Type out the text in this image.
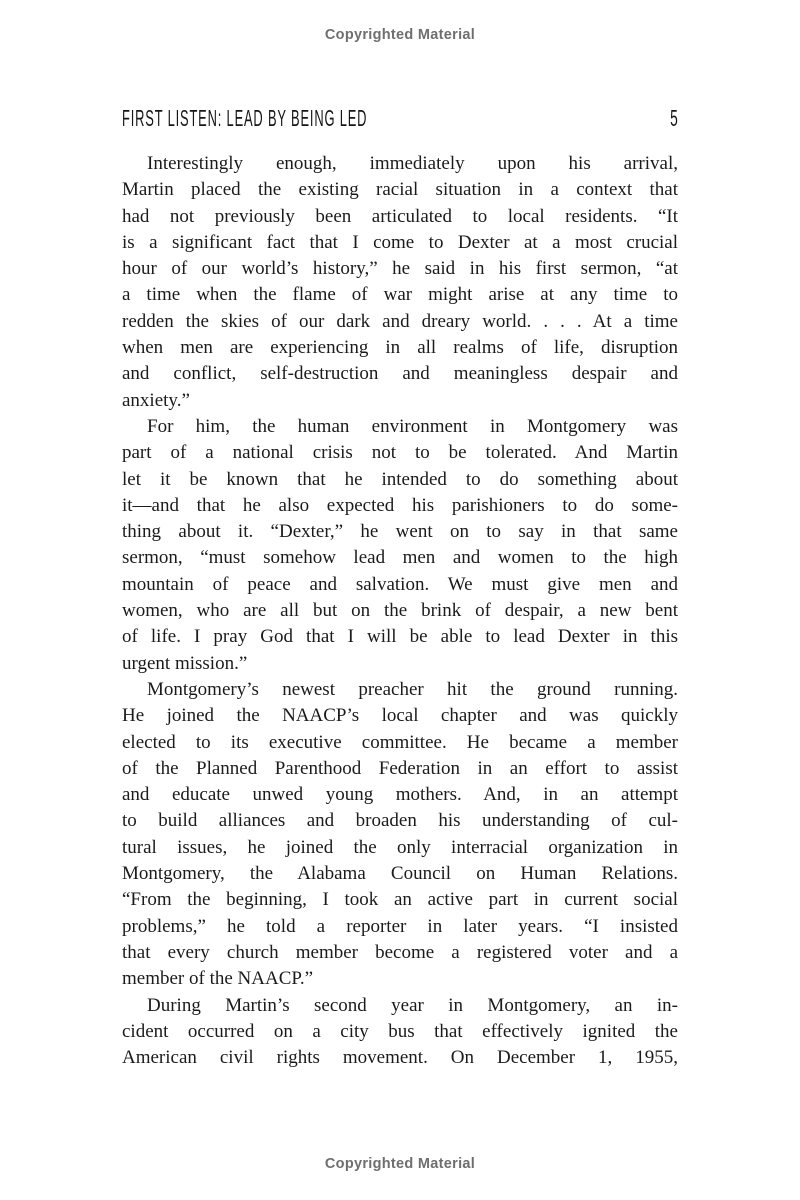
Copyrighted Material
FIRST LISTEN: LEAD BY BEING LED	5
Interestingly enough, immediately upon his arrival,
Martin placed the existing racial situation in a context that
had not previously been articulated to local residents. “It
is a significant fact that I come to Dexter at a most crucial
hour of our world’s history,” he said in his first sermon, “at
a time when the flame of war might arise at any time to
redden the skies of our dark and dreary world. . . . At a time
when men are experiencing in all realms of life, disruption
and conflict, self-destruction and meaningless despair and
anxiety.”
For him, the human environment in Montgomery was
part of a national crisis not to be tolerated. And Martin
let it be known that he intended to do something about
it—and that he also expected his parishioners to do some-
thing about it. “Dexter,” he went on to say in that same
sermon, “must somehow lead men and women to the high
mountain of peace and salvation. We must give men and
women, who are all but on the brink of despair, a new bent
of life. I pray God that I will be able to lead Dexter in this
urgent mission.”
Montgomery’s newest preacher hit the ground running.
He joined the NAACP’s local chapter and was quickly
elected to its executive committee. He became a member
of the Planned Parenthood Federation in an effort to assist
and educate unwed young mothers. And, in an attempt
to build alliances and broaden his understanding of cul-
tural issues, he joined the only interracial organization in
Montgomery, the Alabama Council on Human Relations.
“From the beginning, I took an active part in current social
problems,” he told a reporter in later years. “I insisted
that every church member become a registered voter and a
member of the NAACP.”
During Martin’s second year in Montgomery, an in-
cident occurred on a city bus that effectively ignited the
American civil rights movement. On December 1, 1955,
Copyrighted Material
